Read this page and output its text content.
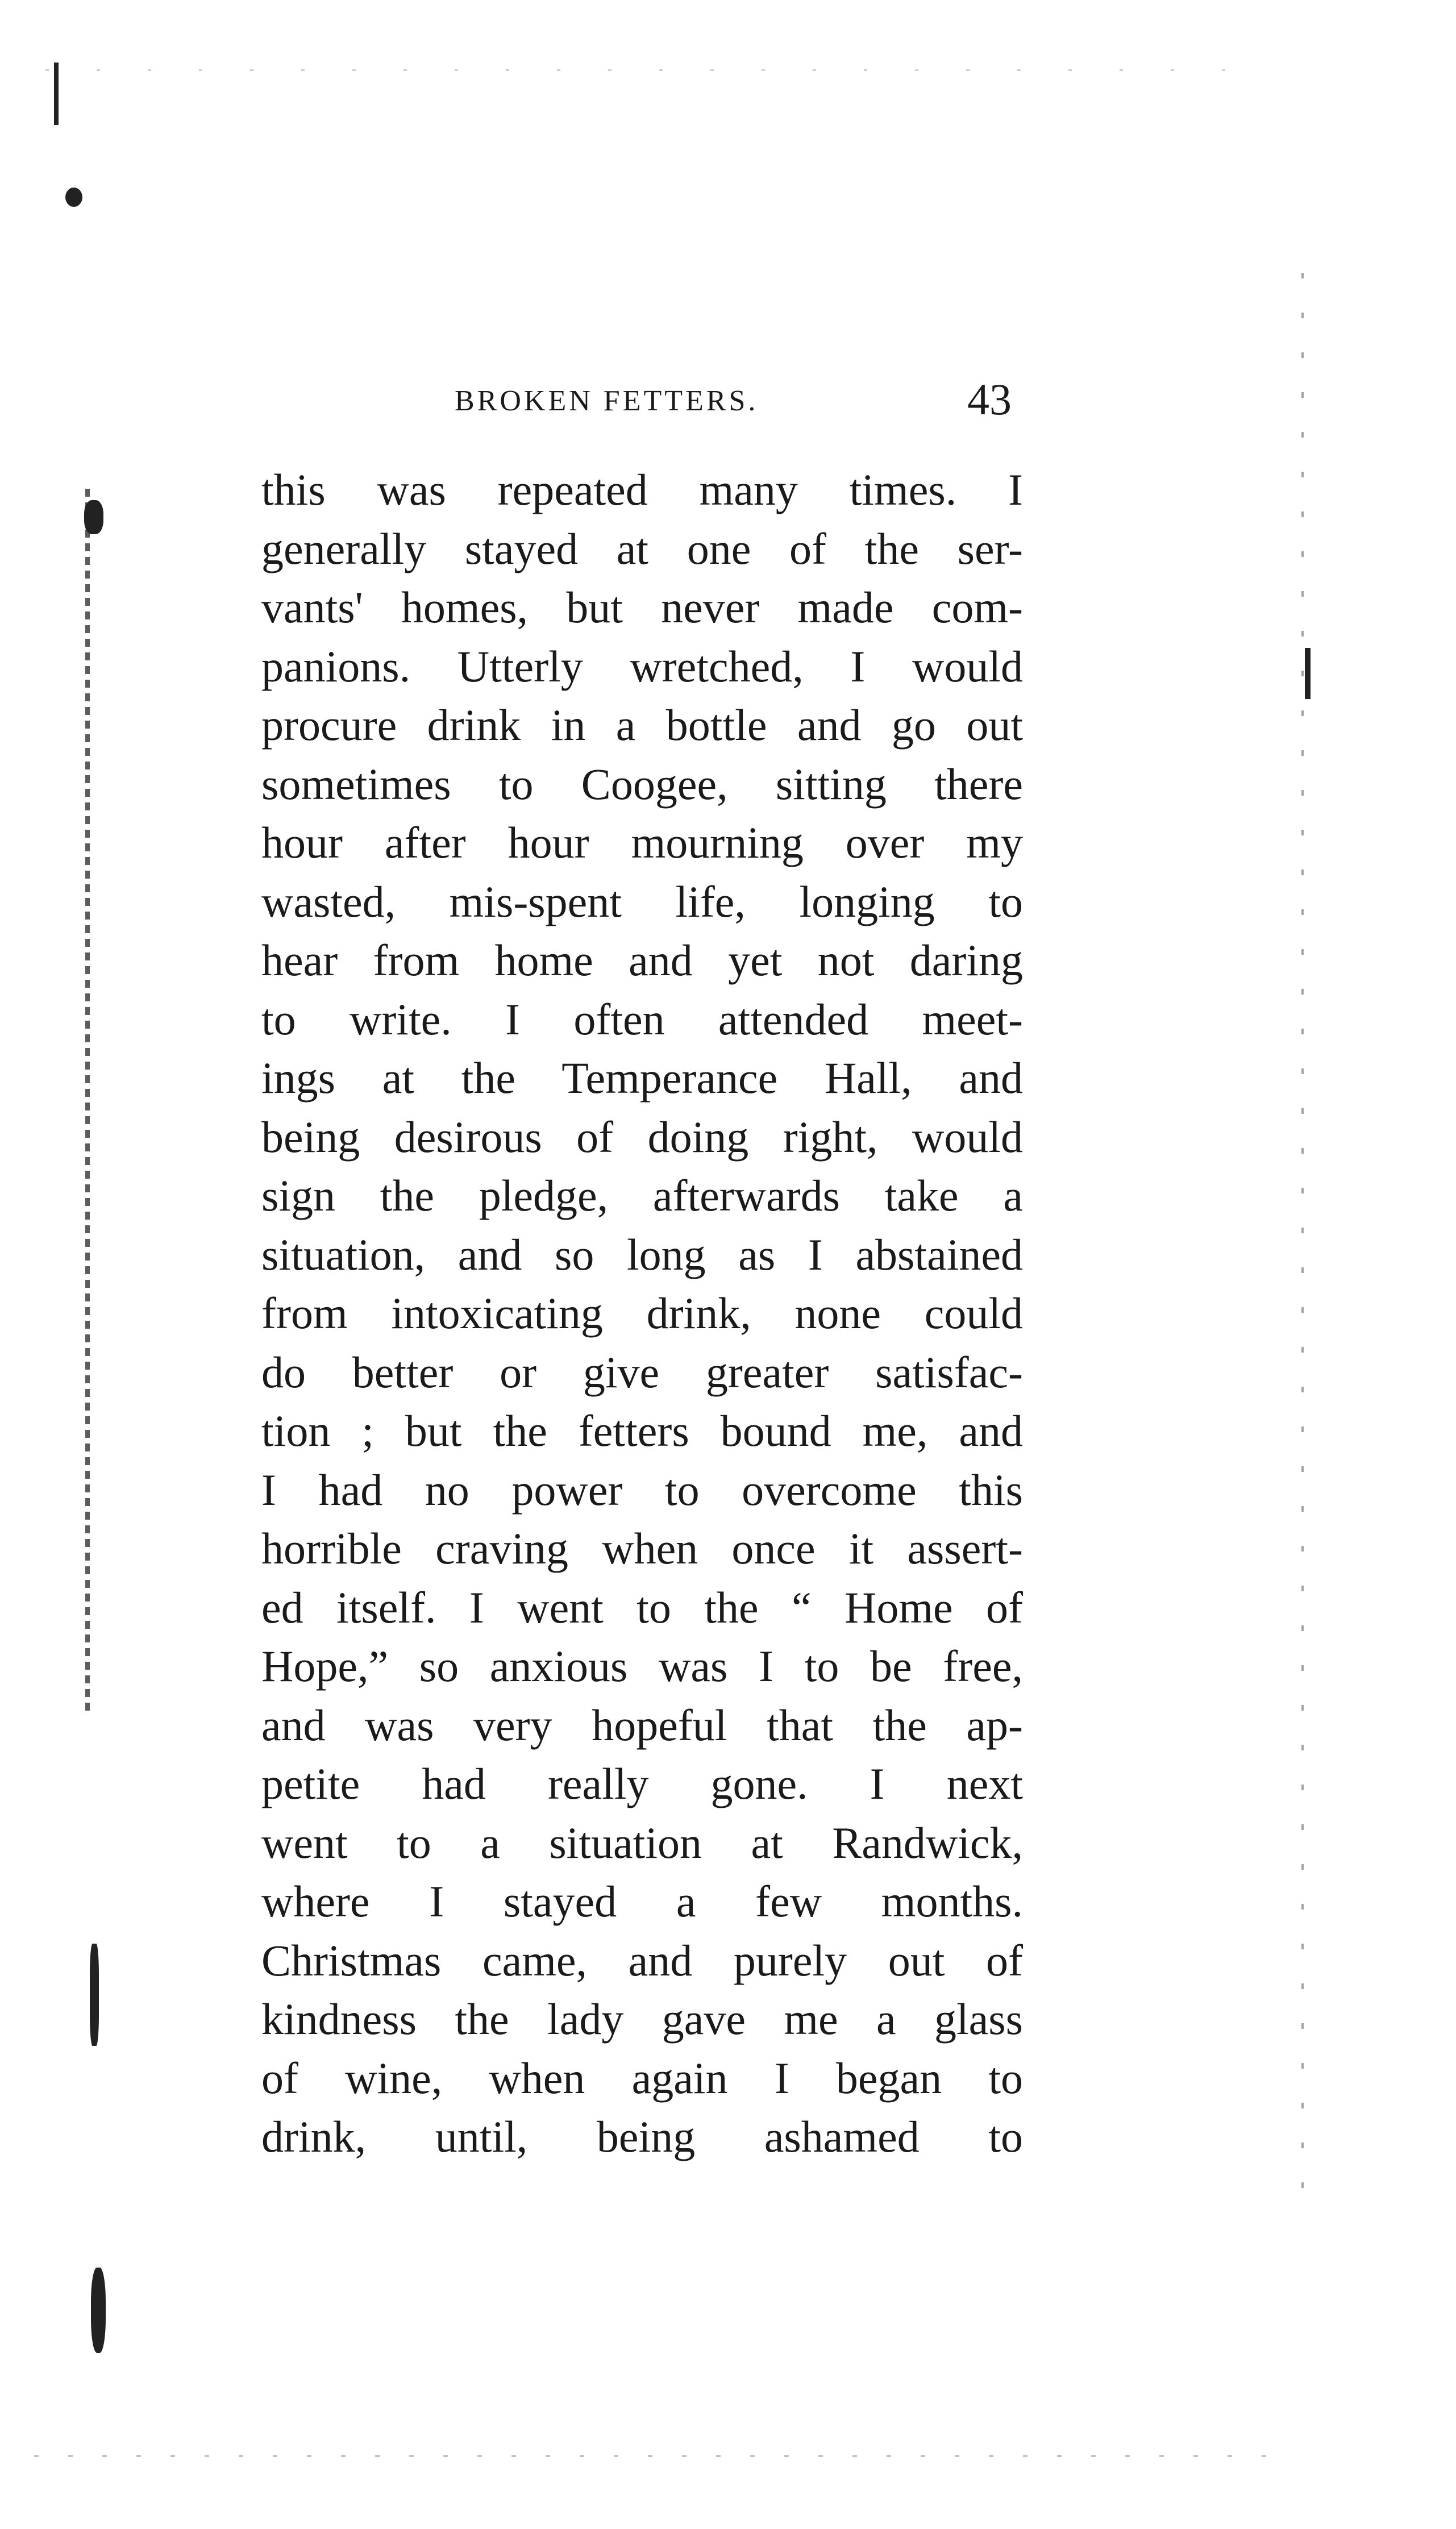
BROKEN FETTERS.	43
this was repeated many times. I
generally stayed at one of the ser-
vants' homes, but never made com-
panions. Utterly wretched, I would
procure drink in a bottle and go out
sometimes to Coogee, sitting there
hour after hour mourning over my
wasted, mis-spent life, longing to
hear from home and yet not daring
to write. I often attended meet-
ings at the Temperance Hall, and
being desirous of doing right, would
sign the pledge, afterwards take a
situation, and so long as I abstained
from intoxicating drink, none could
do better or give greater satisfac-
tion ; but the fetters bound me, and
I had no power to overcome this
horrible craving when once it assert-
ed itself. I went to the “ Home of
Hope,” so anxious was I to be free,
and was very hopeful that the ap-
petite had really gone. I next
went to a situation at Randwick,
where I stayed a few months.
Christmas came, and purely out of
kindness the lady gave me a glass
of wine, when again I began to
drink, until, being ashamed to
